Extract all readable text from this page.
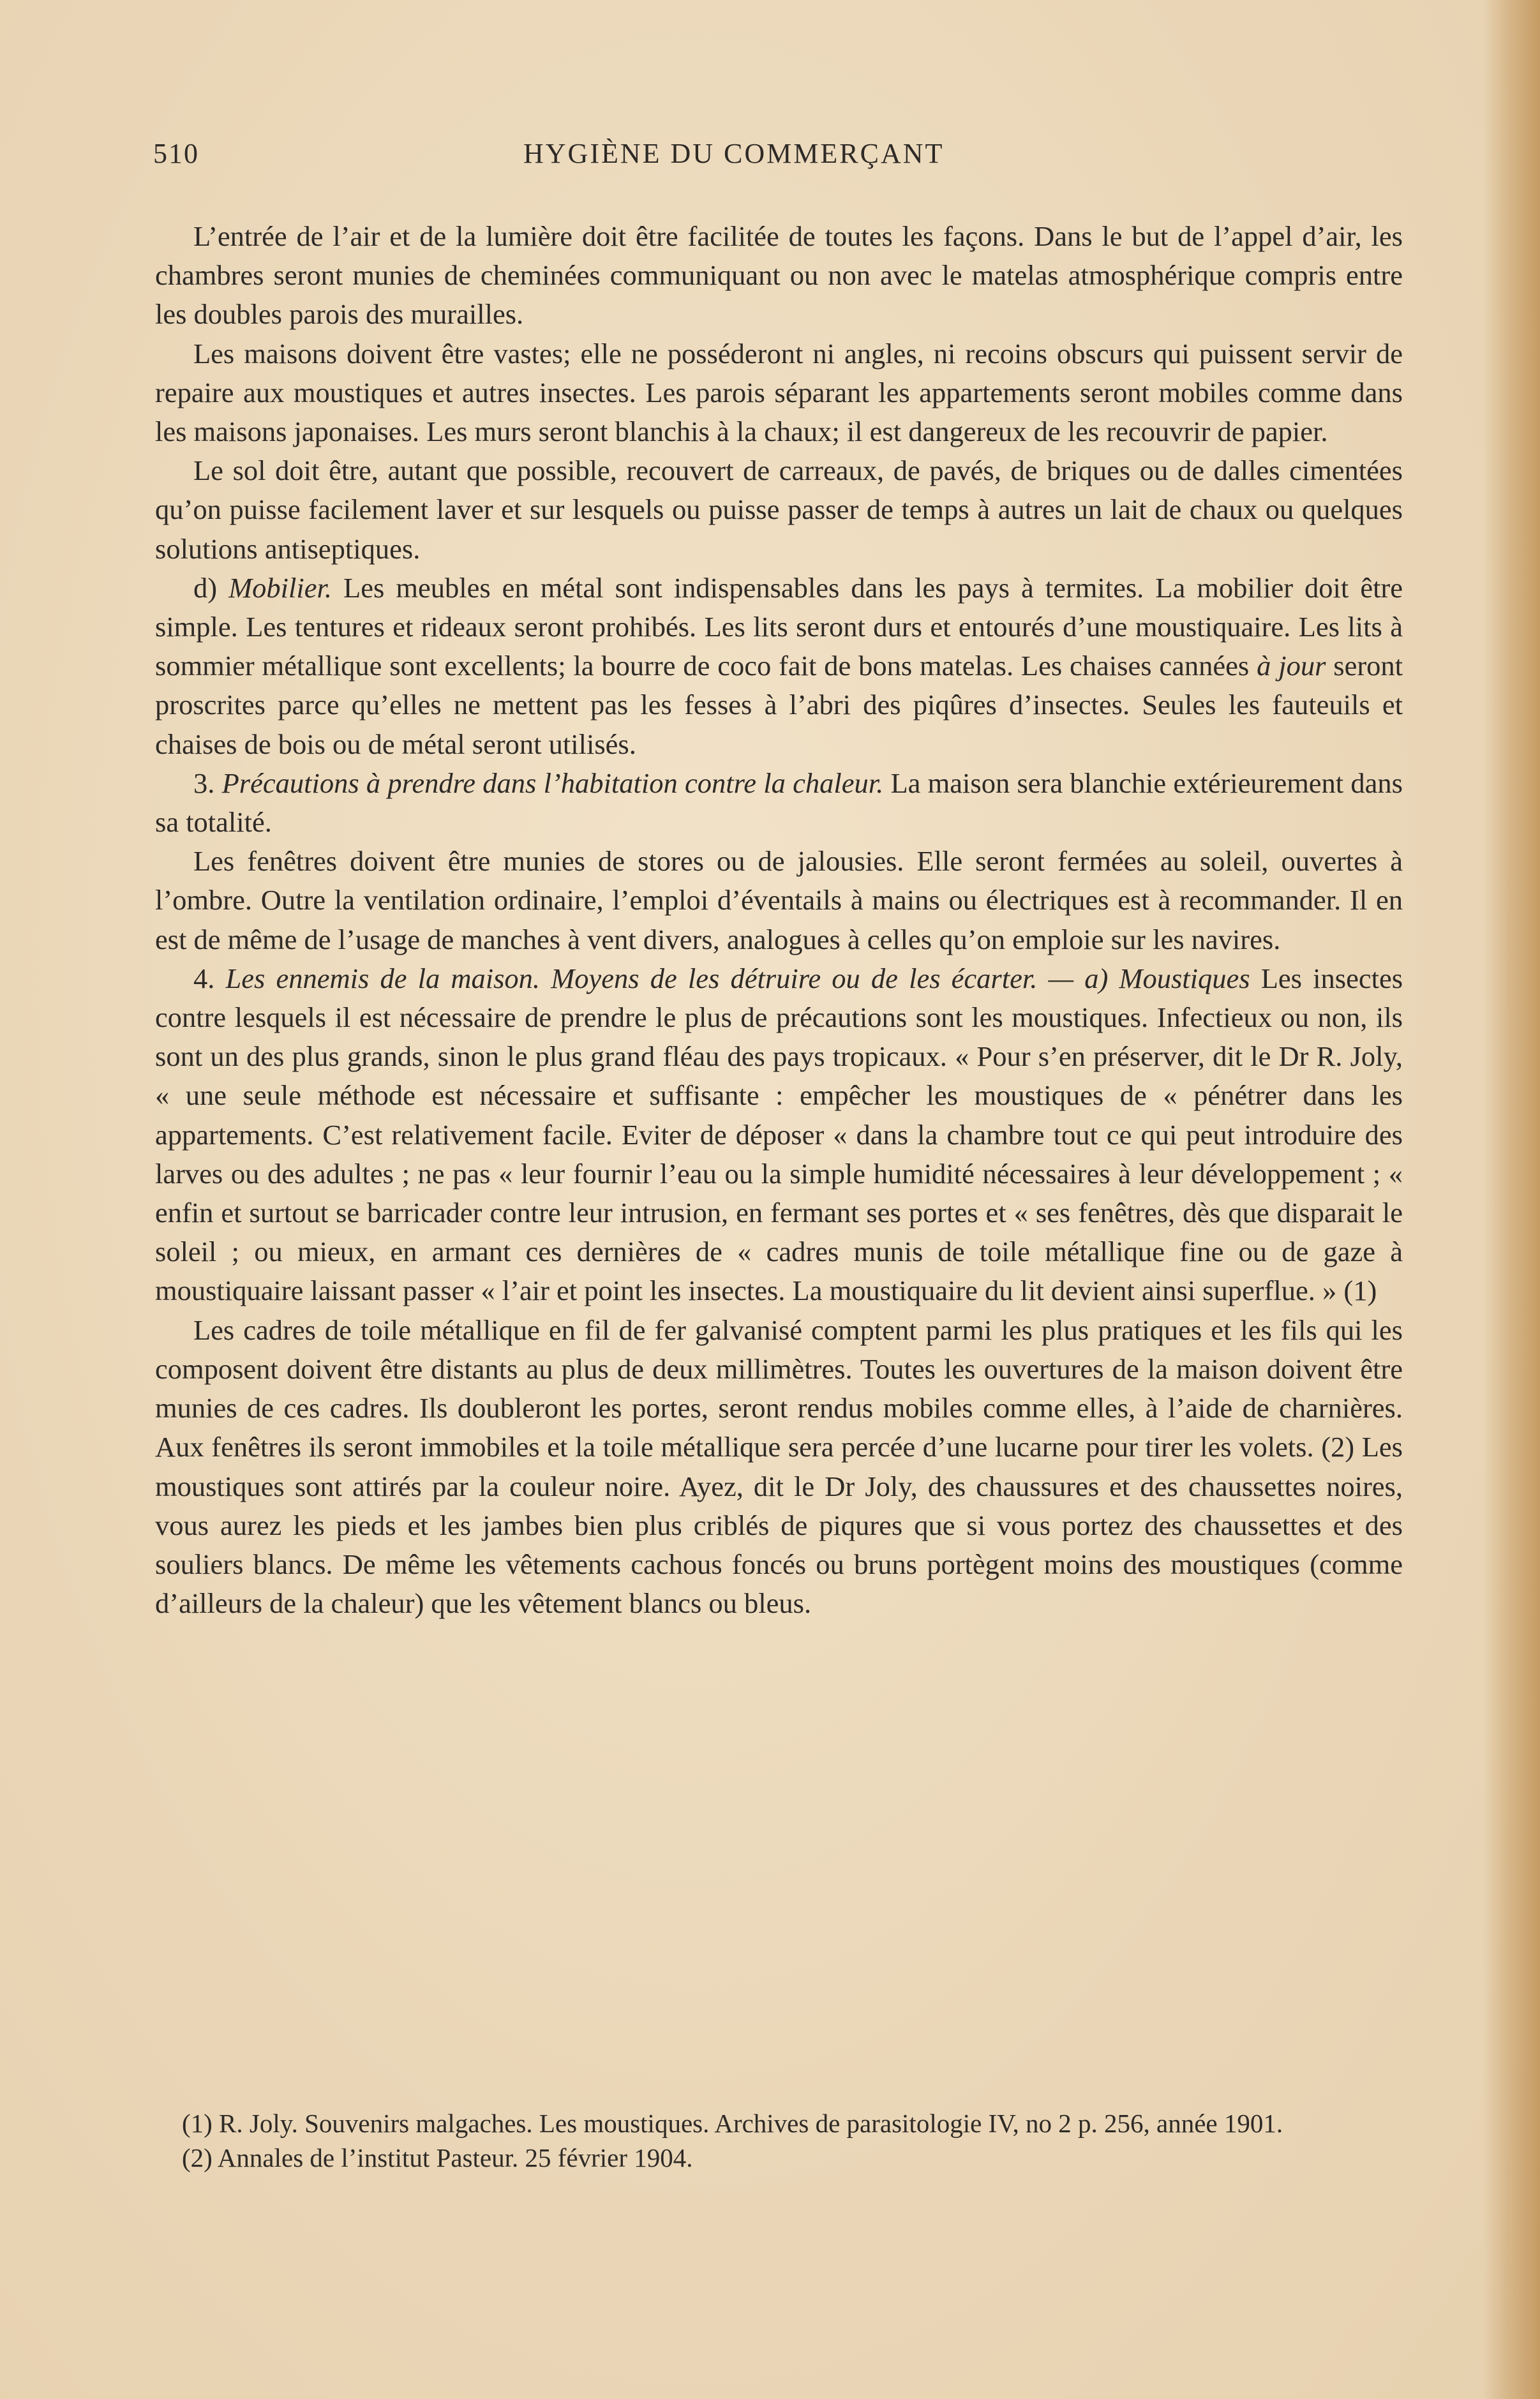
510	HYGIÈNE DU COMMERÇANT

L’entrée de l’air et de la lumière doit être facilitée de toutes les façons. Dans le but de l’appel d’air, les chambres seront munies de cheminées communiquant ou non avec le matelas atmosphérique compris entre les doubles parois des murailles.

Les maisons doivent être vastes; elle ne posséderont ni angles, ni recoins obscurs qui puissent servir de repaire aux moustiques et autres insectes. Les parois séparant les appartements seront mobiles comme dans les maisons japonaises. Les murs seront blanchis à la chaux; il est dangereux de les recouvrir de papier.

Le sol doit être, autant que possible, recouvert de carreaux, de pavés, de briques ou de dalles cimentées qu’on puisse facilement laver et sur lesquels ou puisse passer de temps à autres un lait de chaux ou quelques solutions antiseptiques.

d) Mobilier. Les meubles en métal sont indispensables dans les pays à termites. La mobilier doit être simple. Les tentures et rideaux seront prohibés. Les lits seront durs et entourés d’une moustiquaire. Les lits à sommier métallique sont excellents; la bourre de coco fait de bons matelas. Les chaises cannées à jour seront proscrites parce qu’elles ne mettent pas les fesses à l’abri des piqûres d’insectes. Seules les fauteuils et chaises de bois ou de métal seront utilisés.

3. Précautions à prendre dans l’habitation contre la chaleur. La maison sera blanchie extérieurement dans sa totalité.

Les fenêtres doivent être munies de stores ou de jalousies. Elle seront fermées au soleil, ouvertes à l’ombre. Outre la ventilation ordinaire, l’emploi d’éventails à mains ou électriques est à recommander. Il en est de même de l’usage de manches à vent divers, analogues à celles qu’on emploie sur les navires.

4. Les ennemis de la maison. Moyens de les détruire ou de les écarter. — a) Moustiques Les insectes contre lesquels il est nécessaire de prendre le plus de précautions sont les moustiques. Infectieux ou non, ils sont un des plus grands, sinon le plus grand fléau des pays tropicaux. « Pour s’en préserver, dit le Dr R. Joly, « une seule méthode est nécessaire et suffisante : empêcher les moustiques de « pénétrer dans les appartements. C’est relativement facile. Eviter de déposer « dans la chambre tout ce qui peut introduire des larves ou des adultes ; ne pas « leur fournir l’eau ou la simple humidité nécessaires à leur développement ; « enfin et surtout se barricader contre leur intrusion, en fermant ses portes et « ses fenêtres, dès que disparait le soleil ; ou mieux, en armant ces dernières de « cadres munis de toile métallique fine ou de gaze à moustiquaire laissant passer « l’air et point les insectes. La moustiquaire du lit devient ainsi superflue. » (1)

Les cadres de toile métallique en fil de fer galvanisé comptent parmi les plus pratiques et les fils qui les composent doivent être distants au plus de deux millimètres. Toutes les ouvertures de la maison doivent être munies de ces cadres. Ils doubleront les portes, seront rendus mobiles comme elles, à l’aide de charnières. Aux fenêtres ils seront immobiles et la toile métallique sera percée d’une lucarne pour tirer les volets. (2) Les moustiques sont attirés par la couleur noire. Ayez, dit le Dr Joly, des chaussures et des chaussettes noires, vous aurez les pieds et les jambes bien plus criblés de piqures que si vous portez des chaussettes et des souliers blancs. De même les vêtements cachous foncés ou bruns portègent moins des moustiques (comme d’ailleurs de la chaleur) que les vêtement blancs ou bleus.

(1) R. Joly. Souvenirs malgaches. Les moustiques. Archives de parasitologie IV, no 2 p. 256, année 1901.

(2) Annales de l’institut Pasteur. 25 février 1904.
